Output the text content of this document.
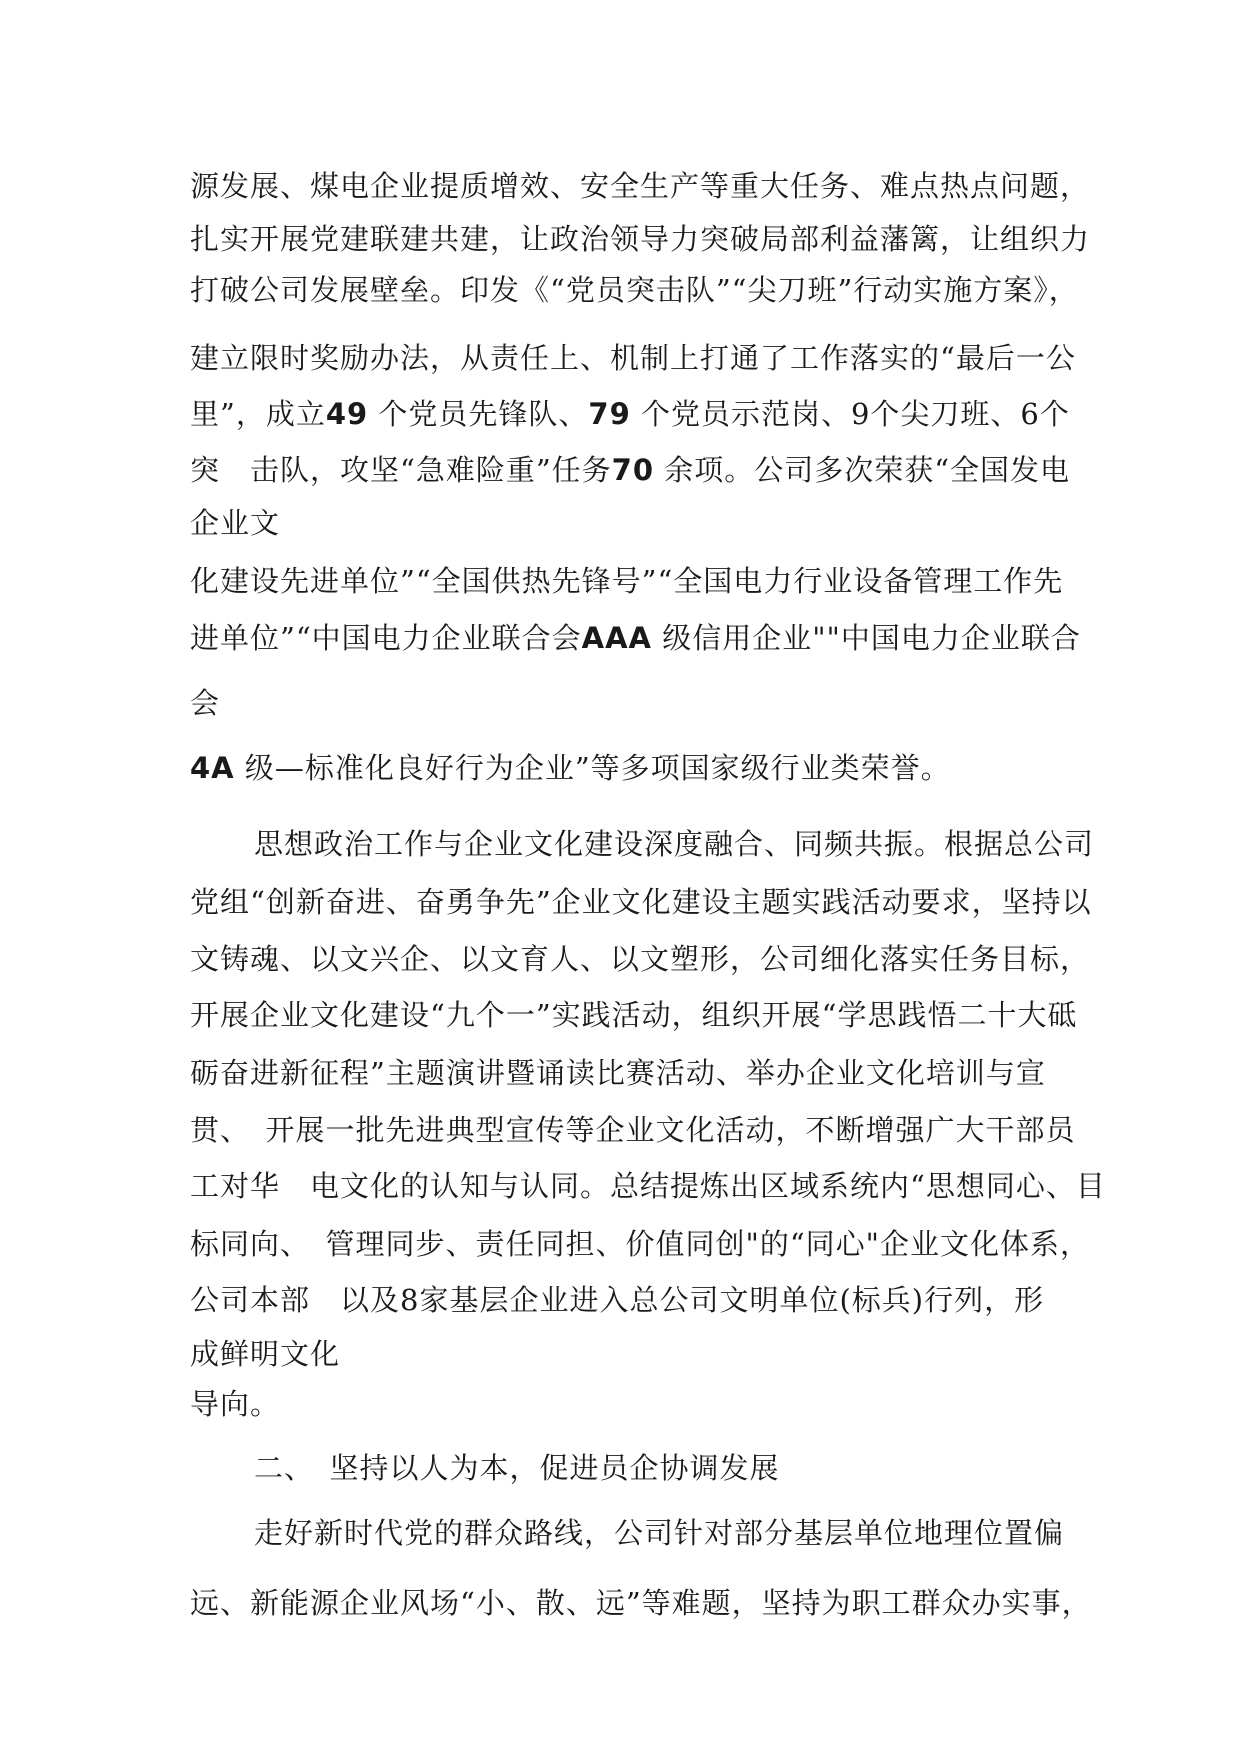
源发展、煤电企业提质增效、安全生产等重大任务、难点热点问题，
扎实开展党建联建共建，让政治领导力突破局部利益藩篱，让组织力
打破公司发展壁垒。印发《“党员突击队”“尖刀班”行动实施方案》，
建立限时奖励办法，从责任上、机制上打通了工作落实的“最后一公
里”，成立49 个党员先锋队、79 个党员示范岗、9个尖刀班、6个
突　击队，攻坚“急难险重”任务70 余项。公司多次荣获“全国发电
企业文
化建设先进单位”“全国供热先锋号”“全国电力行业设备管理工作先
进单位”“中国电力企业联合会AAA 级信用企业""中国电力企业联合
会
4A 级—标准化良好行为企业”等多项国家级行业类荣誉。
思想政治工作与企业文化建设深度融合、同频共振。根据总公司
党组“创新奋进、奋勇争先”企业文化建设主题实践活动要求，坚持以
文铸魂、以文兴企、以文育人、以文塑形，公司细化落实任务目标，
开展企业文化建设“九个一”实践活动，组织开展“学思践悟二十大砥
砺奋进新征程”主题演讲暨诵读比赛活动、举办企业文化培训与宣
贯、　开展一批先进典型宣传等企业文化活动，不断增强广大干部员
工对华　电文化的认知与认同。总结提炼出区域系统内“思想同心、目
标同向、　管理同步、责任同担、价值同创"的“同心"企业文化体系，
公司本部　以及8家基层企业进入总公司文明单位(标兵)行列，形
成鲜明文化
导向。
二、　坚持以人为本，促进员企协调发展
走好新时代党的群众路线，公司针对部分基层单位地理位置偏
远、新能源企业风场“小、散、远”等难题，坚持为职工群众办实事，
